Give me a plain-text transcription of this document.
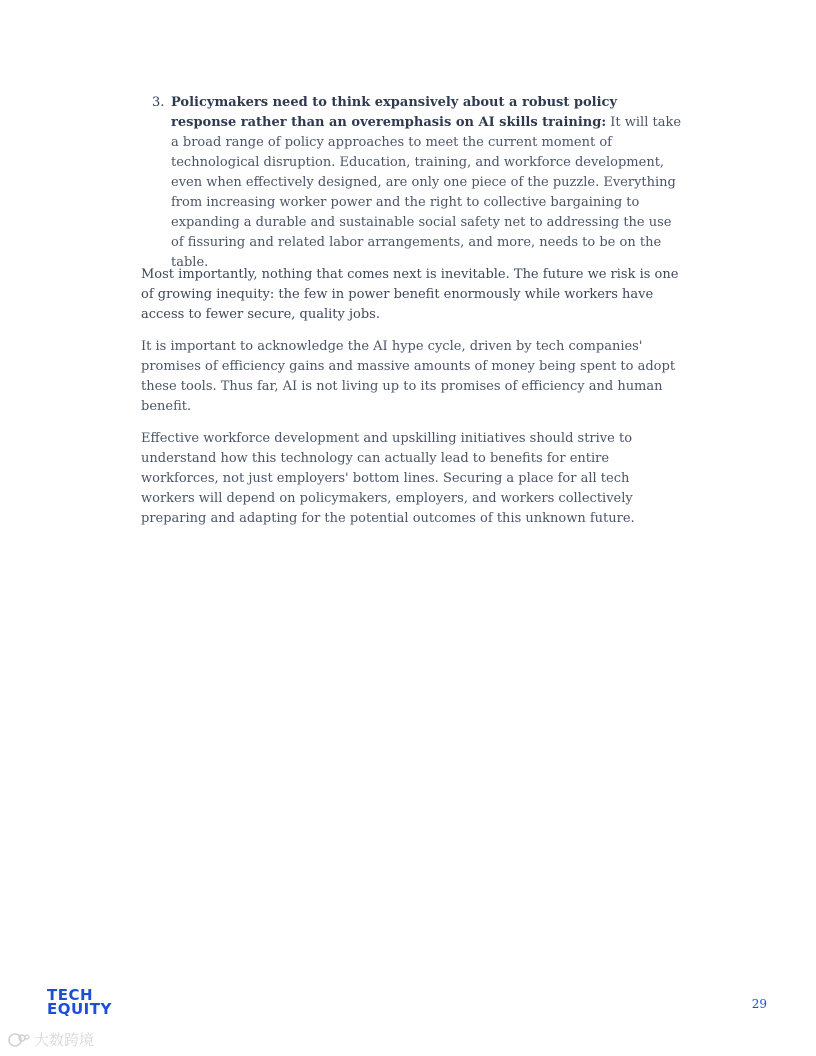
3. Policymakers need to think expansively about a robust policy response rather than an overemphasis on AI skills training: It will take a broad range of policy approaches to meet the current moment of technological disruption. Education, training, and workforce development, even when effectively designed, are only one piece of the puzzle. Everything from increasing worker power and the right to collective bargaining to expanding a durable and sustainable social safety net to addressing the use of fissuring and related labor arrangements, and more, needs to be on the table.

Most importantly, nothing that comes next is inevitable. The future we risk is one of growing inequity: the few in power benefit enormously while workers have access to fewer secure, quality jobs.

It is important to acknowledge the AI hype cycle, driven by tech companies' promises of efficiency gains and massive amounts of money being spent to adopt these tools. Thus far, AI is not living up to its promises of efficiency and human benefit.

Effective workforce development and upskilling initiatives should strive to understand how this technology can actually lead to benefits for entire workforces, not just employers' bottom lines. Securing a place for all tech workers will depend on policymakers, employers, and workers collectively preparing and adapting for the potential outcomes of this unknown future.

TECH
EQUITY	29
大数跨境
